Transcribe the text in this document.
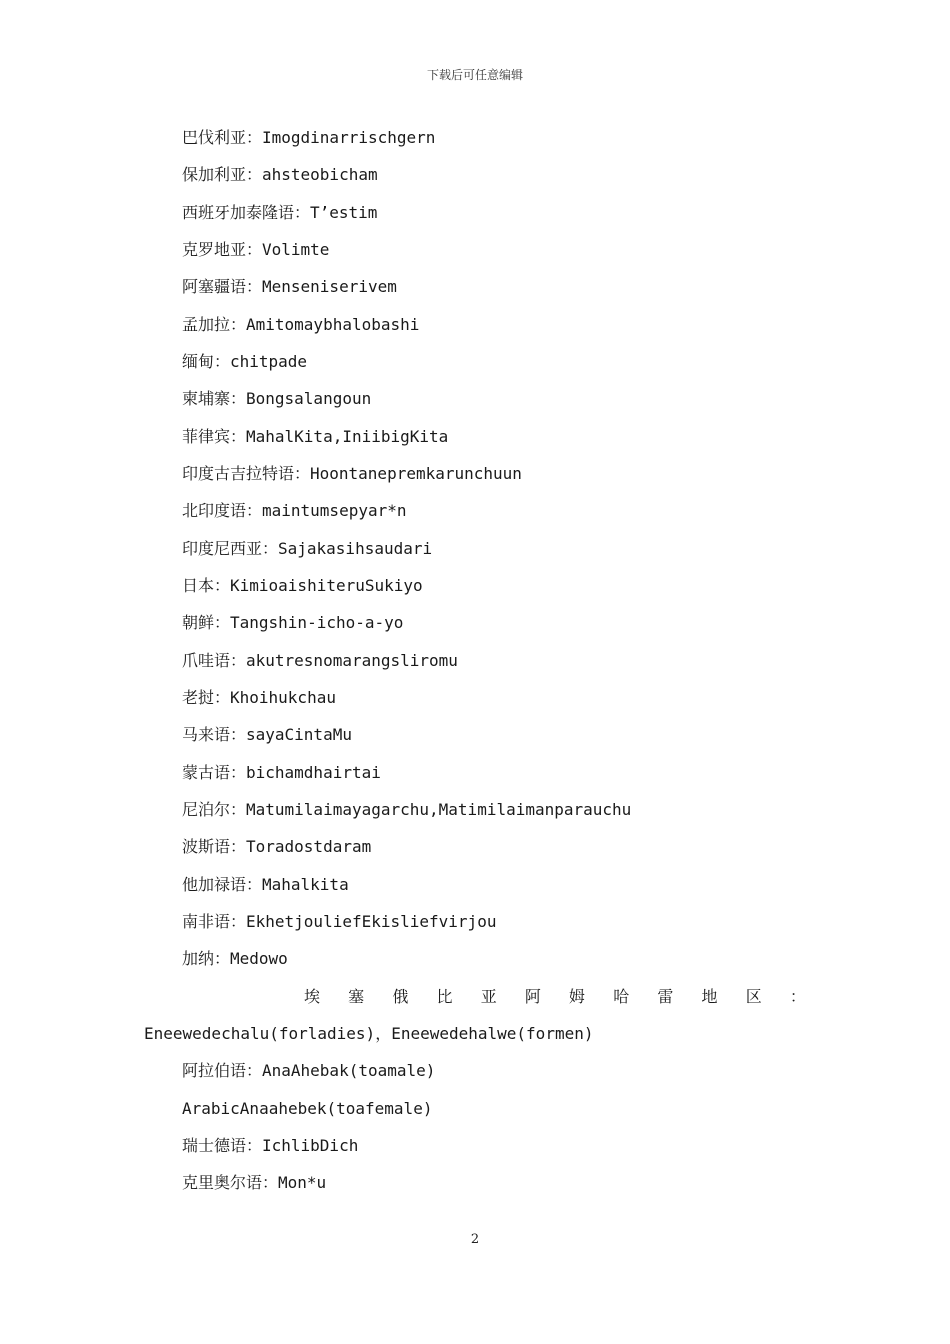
下载后可任意编辑
巴伐利亚：Imogdinarrischgern
保加利亚：ahsteobicham
西班牙加泰隆语：T’estim
克罗地亚：Volimte
阿塞疆语：Menseniserivem
孟加拉：Amitomaybhalobashi
缅甸：chitpade
柬埔寨：Bongsalangoun
菲律宾：MahalKita,IniibigKita
印度古吉拉特语：Hoontanepremkarunchuun
北印度语：maintumsepyar*n
印度尼西亚：Sajakasihsaudari
日本：KimioaishiteruSukiyo
朝鲜：Tangshin-icho-a-yo
爪哇语：akutresnomarangsliromu
老挝：Khoihukchau
马来语：sayaCintaMu
蒙古语：bichamdhairtai
尼泊尔：Matumilaimayagarchu,Matimilaimanparauchu
波斯语：Toradostdaram
他加禄语：Mahalkita
南非语：EkhetjouliefEkisliefvirjou
加纳：Medowo
埃 塞 俄 比 亚 阿 姆 哈 雷 地 区 ：
Eneewedechalu(forladies)，Eneewedehalwe(formen)
阿拉伯语：AnaAhebak(toamale)
ArabicAnaahebek(toafemale)
瑞士德语：IchlibDich
克里奥尔语：Mon*u
2
